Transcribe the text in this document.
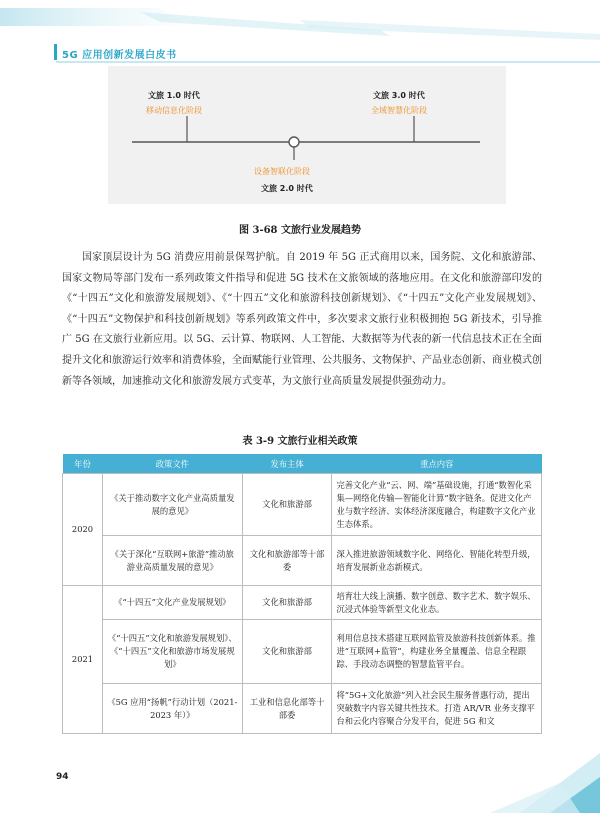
5G 应用创新发展白皮书
文旅 1.0 时代
移动信息化阶段
文旅 3.0 时代
全域智慧化阶段
设备智联化阶段
文旅 2.0 时代
图 3-68 文旅行业发展趋势

国家顶层设计为 5G 消费应用前景保驾护航。自 2019 年 5G 正式商用以来，国务院、文化和旅游部、国家文物局等部门发布一系列政策文件指导和促进 5G 技术在文旅领域的落地应用。在文化和旅游部印发的《“十四五”文化和旅游发展规划》、《“十四五”文化和旅游科技创新规划》、《“十四五”文化产业发展规划》、《“十四五”文物保护和科技创新规划》等系列政策文件中，多次要求文旅行业积极拥抱 5G 新技术，引导推广 5G 在文旅行业新应用。以 5G、云计算、物联网、人工智能、大数据等为代表的新一代信息技术正在全面提升文化和旅游运行效率和消费体验，全面赋能行业管理、公共服务、文物保护、产品业态创新、商业模式创新等各领域，加速推动文化和旅游发展方式变革，为文旅行业高质量发展提供强劲动力。

表 3-9 文旅行业相关政策
年份	政策文件	发布主体	重点内容
2020	《关于推动数字文化产业高质量发展的意见》	文化和旅游部	完善文化产业“云、网、端”基础设施，打通“数智化采集—网络化传输—智能化计算”数字链条。促进文化产业与数字经济、实体经济深度融合，构建数字文化产业生态体系。
	《关于深化“互联网+旅游”推动旅游业高质量发展的意见》	文化和旅游部等十部委	深入推进旅游领域数字化、网络化、智能化转型升级，培育发展新业态新模式。
2021	《“十四五”文化产业发展规划》	文化和旅游部	培育壮大线上演播、数字创意、数字艺术、数字娱乐、沉浸式体验等新型文化业态。
	《“十四五”文化和旅游发展规划》、《“十四五”文化和旅游市场发展规划》	文化和旅游部	利用信息技术搭建互联网监管及旅游科技创新体系。推进“互联网+监管”，构建业务全量覆盖、信息全程跟踪、手段动态调整的智慧监管平台。
	《5G 应用“扬帆”行动计划（2021-2023 年）》	工业和信息化部等十部委	将“5G+文化旅游”列入社会民生服务普惠行动，提出突破数字内容关键共性技术。打造 AR/VR 业务支撑平台和云化内容聚合分发平台，促进 5G 和文
94
